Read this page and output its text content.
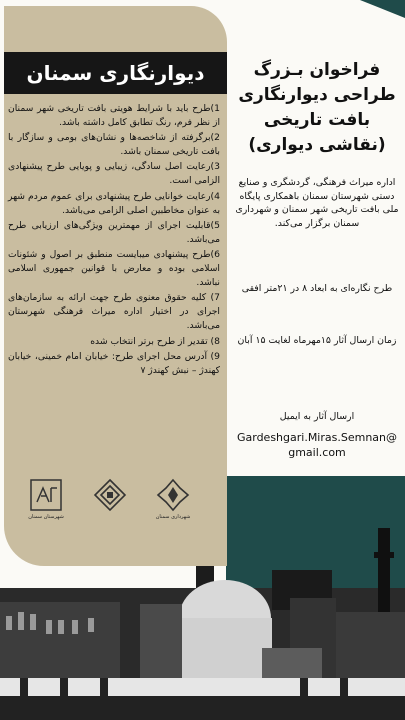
دیوارنگاری سمنان

1)طرح باید با شرایط هویتی بافت تاریخی شهر سمنان از نظر فرم، رنگ تطابق کامل داشته باشد.

2)برگرفته از شاخصه‌ها و نشان‌های بومی و سازگار با بافت تاریخی سمنان باشد.

3)رعایت اصل سادگی، زیبایی و پویایی طرح پیشنهادی الزامی است.

4)رعایت خوانایی طرح پیشنهادی برای عموم مردم شهر به عنوان مخاطبین اصلی الزامی می‌باشد.

5)قابلیت اجرای از مهمترین ویژگی‌های ارزیابی طرح می‌باشد.

6)طرح پیشنهادی میبایست منطبق بر اصول و شئونات اسلامی بوده و معارض با قوانین جمهوری اسلامی نباشد.

7) کلیه حقوق معنوی طرح جهت ارائه به سازمان‌های اجرای در اختیار اداره میراث فرهنگی شهرستان می‌باشد.

8) تقدیر از طرح برتر انتخاب شده

9) آدرس محل اجرای طرح: خیابان امام خمینی، خیابان کهندژ – نبش کهندژ ۷

شهرستان سمنان	شهرداری سمنان

فراخوان بـزرگ

طراحی دیوارنگاری

بافت تاریخی

(نقاشی دیواری)

اداره میراث فرهنگی، گردشگری و صنایع دستی شهرستان سمنان باهمکاری پایگاه ملی بافت تاریخی شهر سمنان و شهرداری سمنان برگزار می‌کند.

طرح نگاره‌ای به ابعاد ۸ در ۲۱متر افقی

زمان ارسال آثار ۱۵مهرماه لغایت ۱۵ آبان

ارسال آثار به ایمیل

Gardeshgari.Miras.Semnan@
gmail.com
